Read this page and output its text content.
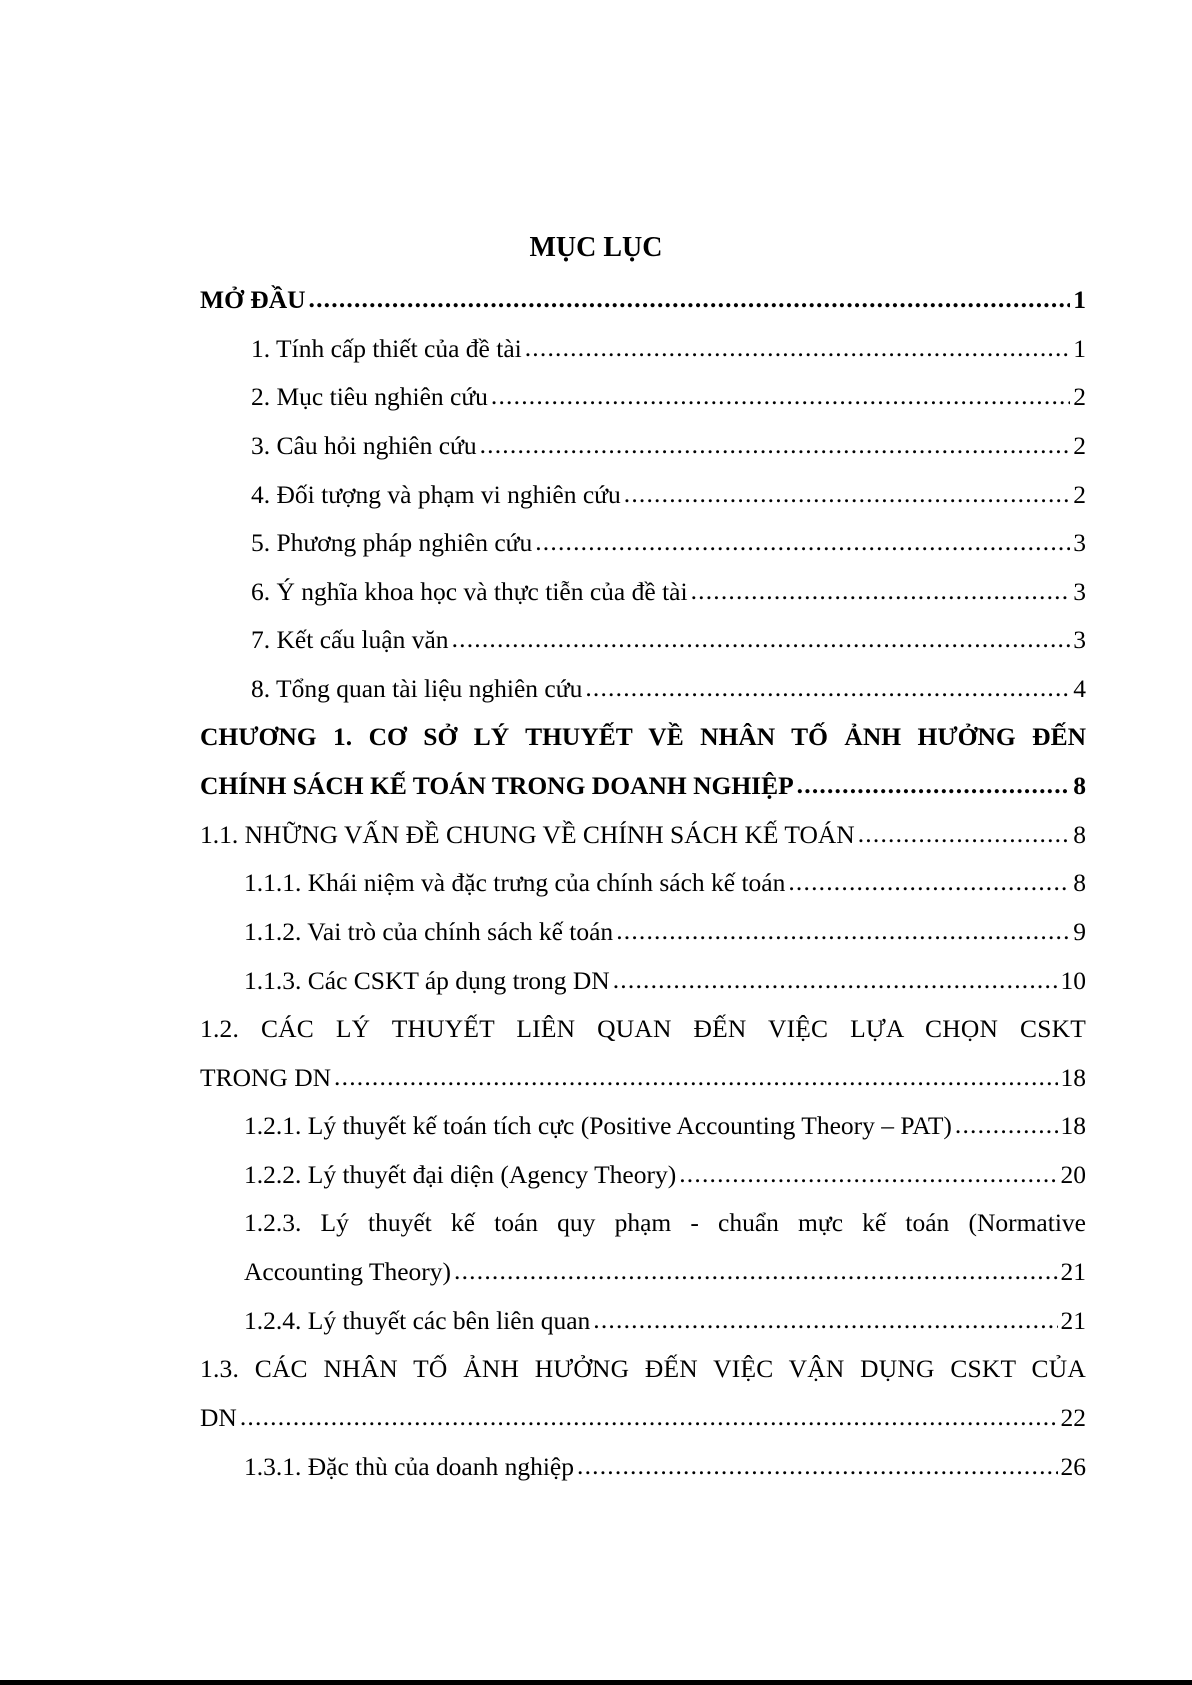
MỤC LỤC
MỞ ĐẦU .....	1
1. Tính cấp thiết của đề tài .....	1
2. Mục tiêu nghiên cứu .....	2
3. Câu hỏi nghiên cứu .....	2
4. Đối tượng và phạm vi nghiên cứu .....	2
5. Phương pháp nghiên cứu .....	3
6. Ý nghĩa khoa học và thực tiễn của đề tài .....	3
7. Kết cấu luận văn .....	3
8. Tổng quan tài liệu nghiên cứu .....	4
CHƯƠNG 1. CƠ SỞ LÝ THUYẾT VỀ NHÂN TỐ ẢNH HƯỞNG ĐẾN
CHÍNH SÁCH KẾ TOÁN TRONG DOANH NGHIỆP .....	8
1.1. NHỮNG VẤN ĐỀ CHUNG VỀ CHÍNH SÁCH KẾ TOÁN .....	8
1.1.1. Khái niệm và đặc trưng của chính sách kế toán .....	8
1.1.2. Vai trò của chính sách kế toán .....	9
1.1.3. Các CSKT áp dụng trong DN .....	10
1.2. CÁC LÝ THUYẾT LIÊN QUAN ĐẾN VIỆC LỰA CHỌN CSKT
TRONG DN .....	18
1.2.1. Lý thuyết kế toán tích cực (Positive Accounting Theory – PAT) .....	18
1.2.2. Lý thuyết đại diện (Agency Theory) .....	20
1.2.3. Lý thuyết kế toán quy phạm - chuẩn mực kế toán (Normative
Accounting Theory) .....	21
1.2.4. Lý thuyết các bên liên quan .....	21
1.3. CÁC NHÂN TỐ ẢNH HƯỞNG ĐẾN VIỆC VẬN DỤNG CSKT CỦA
DN .....	22
1.3.1. Đặc thù của doanh nghiệp .....	26
